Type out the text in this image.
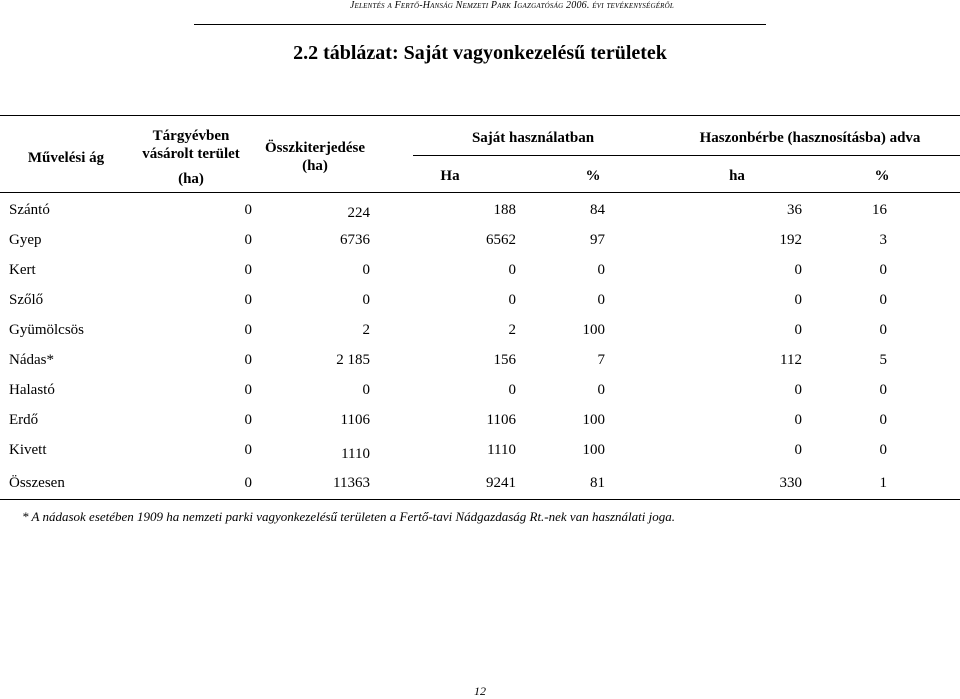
Jelentés a Fertő-Hanság Nemzeti Park Igazgatóság 2006. évi tevékenységéről
2.2 táblázat: Saját vagyonkezelésű területek
Művelési ág
Tárgyévben
vásárolt terület
(ha)
Összkiterjedése
(ha)
Saját használatban	Haszonbérbe (hasznosításba) adva
Ha	%	ha	%
Szántó	0	224	188	84	36	16
Gyep	0	6736	6562	97	192	3
Kert	0	0	0	0	0	0
Szőlő	0	0	0	0	0	0
Gyümölcsös	0	2	2	100	0	0
Nádas*	0	2 185	156	7	112	5
Halastó	0	0	0	0	0	0
Erdő	0	1106	1106	100	0	0
Kivett	0	1110	1110	100	0	0
Összesen	0	11363	9241	81	330	1
* A nádasok esetében 1909 ha nemzeti parki vagyonkezelésű területen a Fertő-tavi Nádgazdaság Rt.-nek van használati joga.
12
